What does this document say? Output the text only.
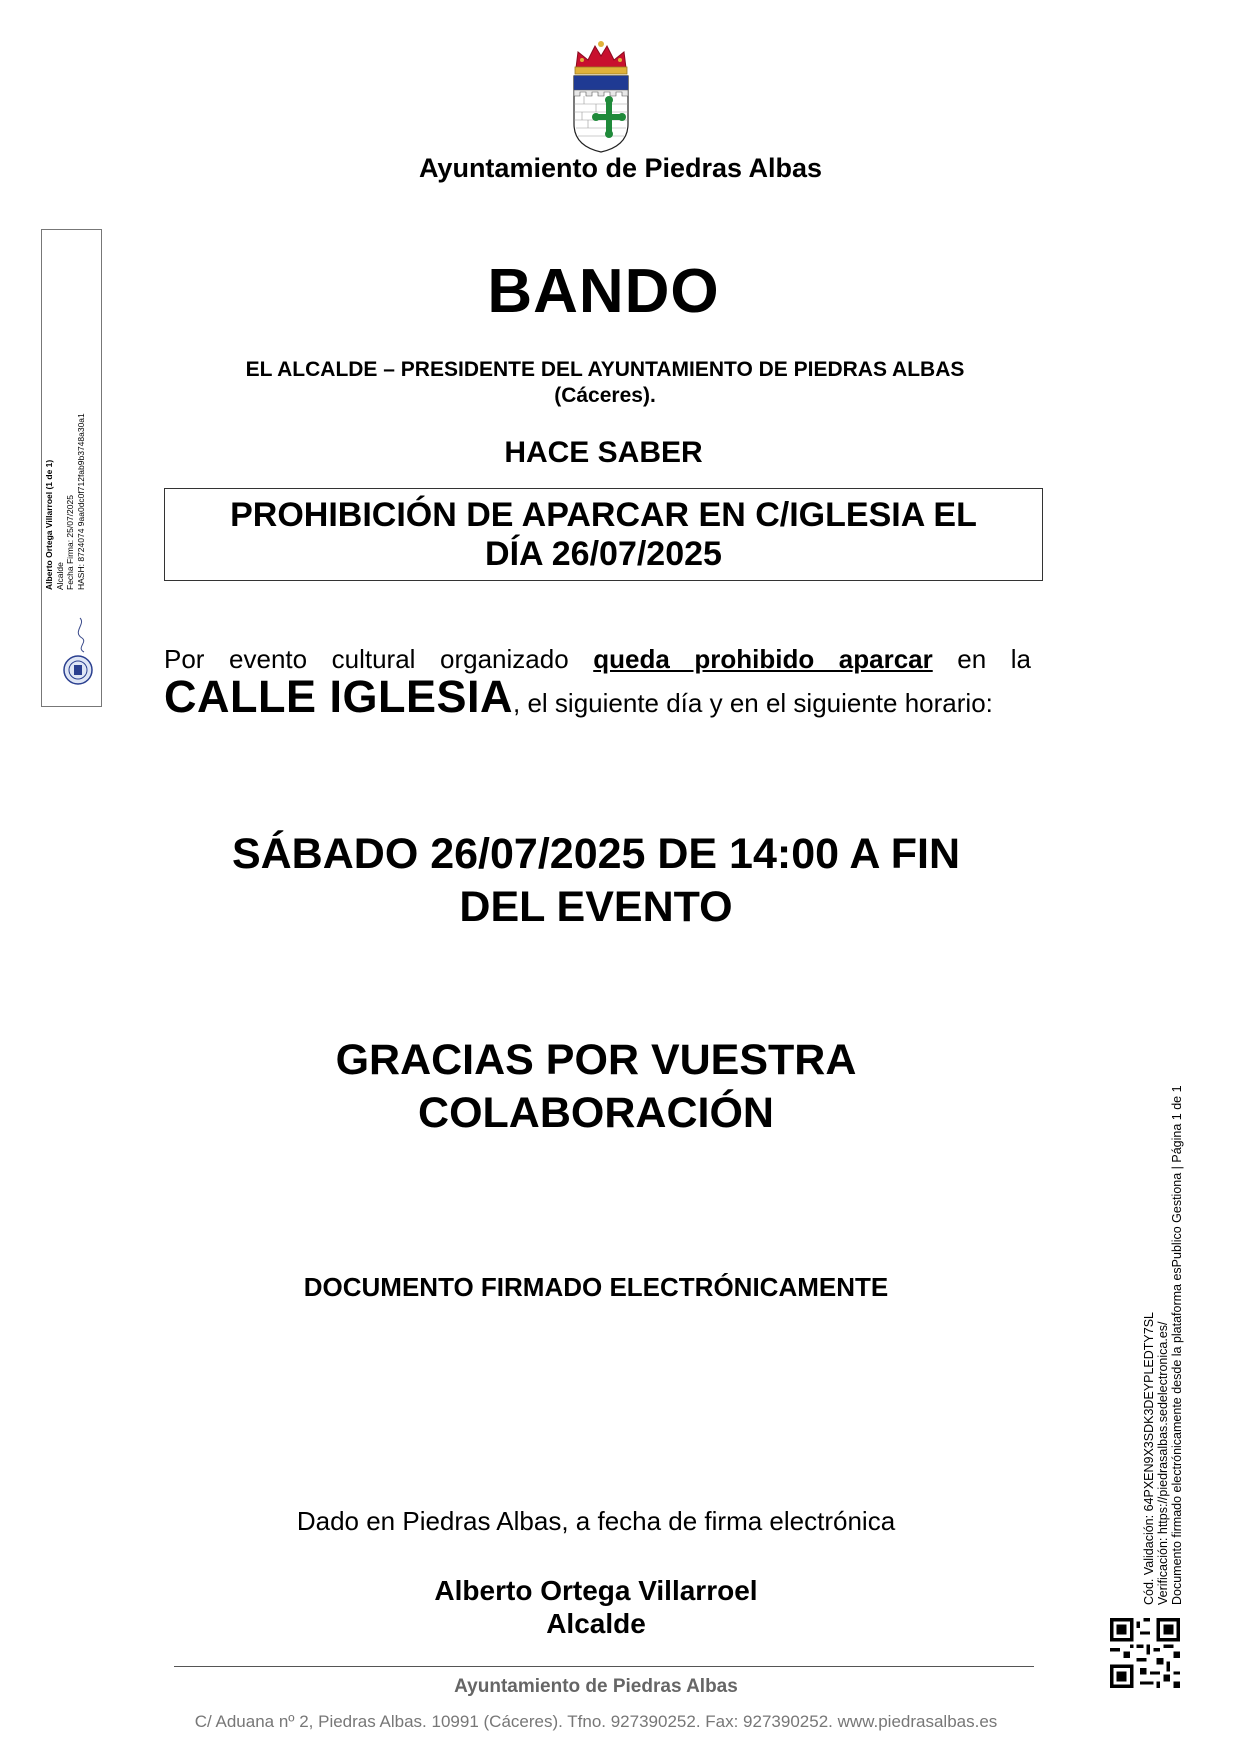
Ayuntamiento de Piedras Albas
Alberto Ortega Villarroel (1 de 1) Alcalde Fecha Firma: 25/07/2025 HASH: 8724074 9aa0dc0f712fab9b3748a30a1
BANDO
EL ALCALDE – PRESIDENTE DEL AYUNTAMIENTO DE PIEDRAS ALBAS
(Cáceres).
HACE SABER
PROHIBICIÓN DE APARCAR EN C/IGLESIA EL
DÍA 26/07/2025
Por evento cultural organizado queda prohibido aparcar en la CALLE IGLESIA, el siguiente día y en el siguiente horario:
SÁBADO 26/07/2025 DE 14:00 A FIN
DEL EVENTO
GRACIAS POR VUESTRA
COLABORACIÓN
DOCUMENTO FIRMADO ELECTRÓNICAMENTE
Dado en Piedras Albas, a fecha de firma electrónica
Alberto Ortega Villarroel
Alcalde
Cód. Validación: 64PXEN9X3SDK3DEYPLEDTY7SL Verificación: https://piedrasalbas.sedelectronica.es/ Documento firmado electrónicamente desde la plataforma esPublico Gestiona | Página 1 de 1
Ayuntamiento de Piedras Albas
C/ Aduana nº 2, Piedras Albas. 10991 (Cáceres). Tfno. 927390252. Fax: 927390252. www.piedrasalbas.es
